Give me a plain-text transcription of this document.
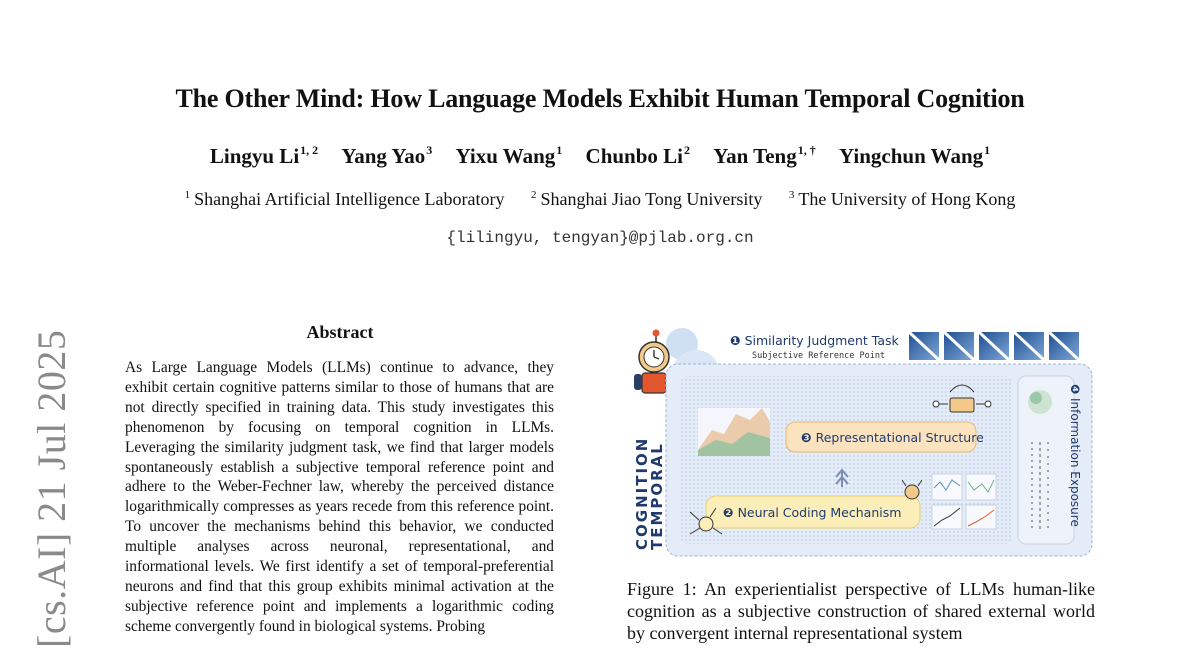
[cs.AI] 21 Jul 2025
The Other Mind: How Language Models Exhibit Human Temporal Cognition
Lingyu Li$^{1, 2}$ Yang Yao$^3$ Yixu Wang$^1$ Chunbo Li$^2$ Yan Teng$^{1, \dagger}$ Yingchun Wang$^1$
$^1$ Shanghai Artificial Intelligence Laboratory $^2$ Shanghai Jiao Tong University $^3$ The University of Hong Kong
{lilingyu, tengyan}@pjlab.org.cn
Abstract
As Large Language Models (LLMs) continue to advance, they exhibit certain cognitive patterns similar to those of humans that are not directly specified in training data. This study investigates this phenomenon by focusing on temporal cognition in LLMs. Leveraging the similarity judgment task, we find that larger models spontaneously establish a subjective temporal reference point and adhere to the Weber-Fechner law, whereby the perceived distance logarithmically compresses as years recede from this reference point. To uncover the mechanisms behind this behavior, we conducted multiple analyses across neuronal, representational, and informational levels. We first identify a set of temporal-preferential neurons and find that this group exhibits minimal activation at the subjective reference point and implements a logarithmic coding scheme convergently found in biological systems. Probing
TEMPORAL
COGNITION
❶ Similarity Judgment Task
Subjective Reference Point
❸ Representational Structure
❷ Neural Coding Mechanism
❹ Information Exposure
Figure 1: An experientialist perspective of LLMs human-like cognition as a subjective construction of shared external world by convergent internal representational system
